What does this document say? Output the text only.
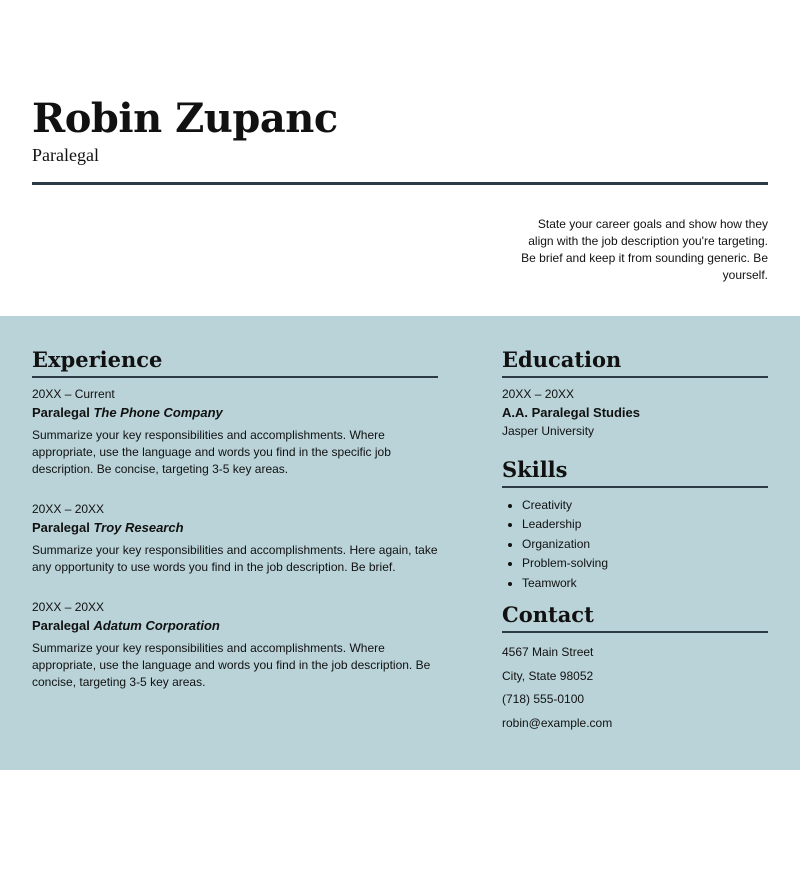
Robin Zupanc
Paralegal
State your career goals and show how they align with the job description you're targeting. Be brief and keep it from sounding generic. Be yourself.
Experience
20XX – Current
Paralegal The Phone Company
Summarize your key responsibilities and accomplishments. Where appropriate, use the language and words you find in the specific job description. Be concise, targeting 3-5 key areas.
20XX – 20XX
Paralegal Troy Research
Summarize your key responsibilities and accomplishments. Here again, take any opportunity to use words you find in the job description. Be brief.
20XX – 20XX
Paralegal Adatum Corporation
Summarize your key responsibilities and accomplishments. Where appropriate, use the language and words you find in the job description. Be concise, targeting 3-5 key areas.
Education
20XX – 20XX
A.A. Paralegal Studies
Jasper University
Skills
• Creativity
• Leadership
• Organization
• Problem-solving
• Teamwork
Contact
4567 Main Street
City, State 98052
(718) 555-0100
robin@example.com
